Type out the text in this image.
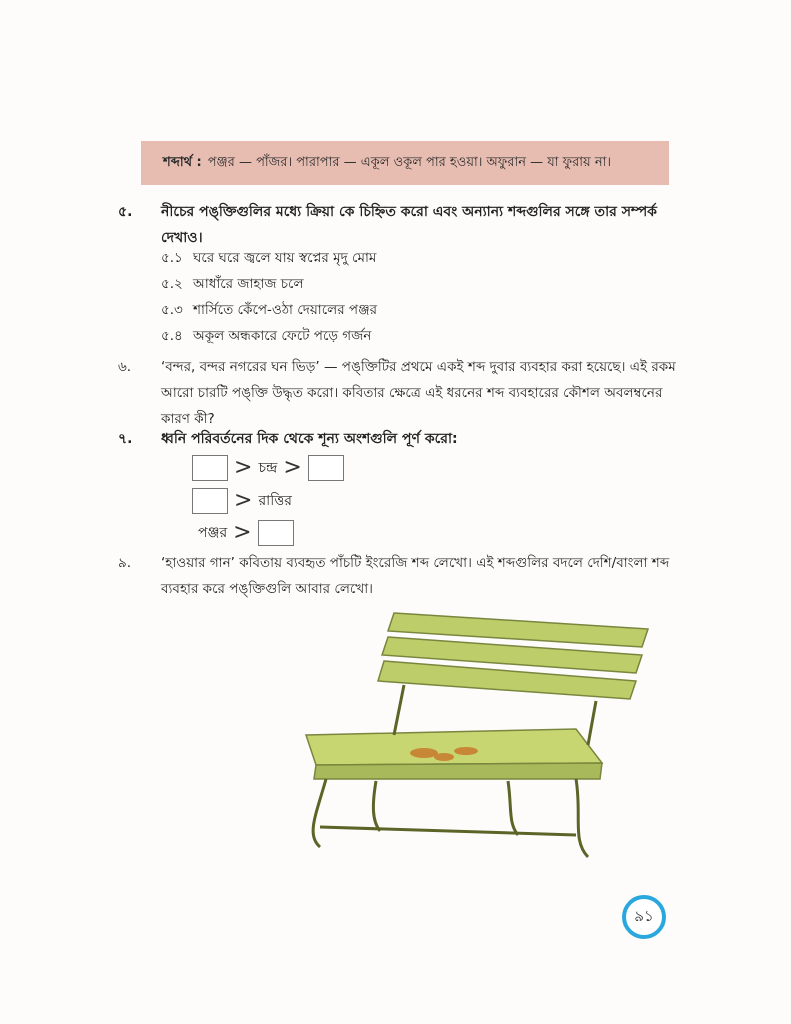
শব্দার্থ : পঞ্জর — পাঁজর। পারাপার — একূল ওকূল পার হওয়া। অফুরান — যা ফুরায় না।
৫.	নীচের পঙ্‌ক্তিগুলির মধ্যে ক্রিয়া কে চিহ্নিত করো এবং অন্যান্য শব্দগুলির সঙ্গে তার সম্পর্ক দেখাও।
৫.১ ঘরে ঘরে জ্বলে যায় স্বপ্নের মৃদু মোম
৫.২ আধাঁরে জাহাজ চলে
৫.৩ শার্সিতে কেঁপে-ওঠা দেয়ালের পঞ্জর
৫.৪ অকূল অন্ধকারে ফেটে পড়ে গর্জন
৬.	‘বন্দর, বন্দর নগরের ঘন ভিড়’ — পঙ্‌ক্তিটির প্রথমে একই শব্দ দুবার ব্যবহার করা হয়েছে। এই রকম আরো চারটি পঙ্‌ক্তি উদ্ধৃত করো। কবিতার ক্ষেত্রে এই ধরনের শব্দ ব্যবহারের কৌশল অবলম্বনের কারণ কী?
৭.	ধ্বনি পরিবর্তনের দিক থেকে শূন্য অংশগুলি পূর্ণ করো:
> চন্দ্র >
> রাত্তির
পঞ্জর >
৯.	‘হাওয়ার গান’ কবিতায় ব্যবহৃত পাঁচটি ইংরেজি শব্দ লেখো। এই শব্দগুলির বদলে দেশি/বাংলা শব্দ ব্যবহার করে পঙ্‌ক্তিগুলি আবার লেখো।
৯১
